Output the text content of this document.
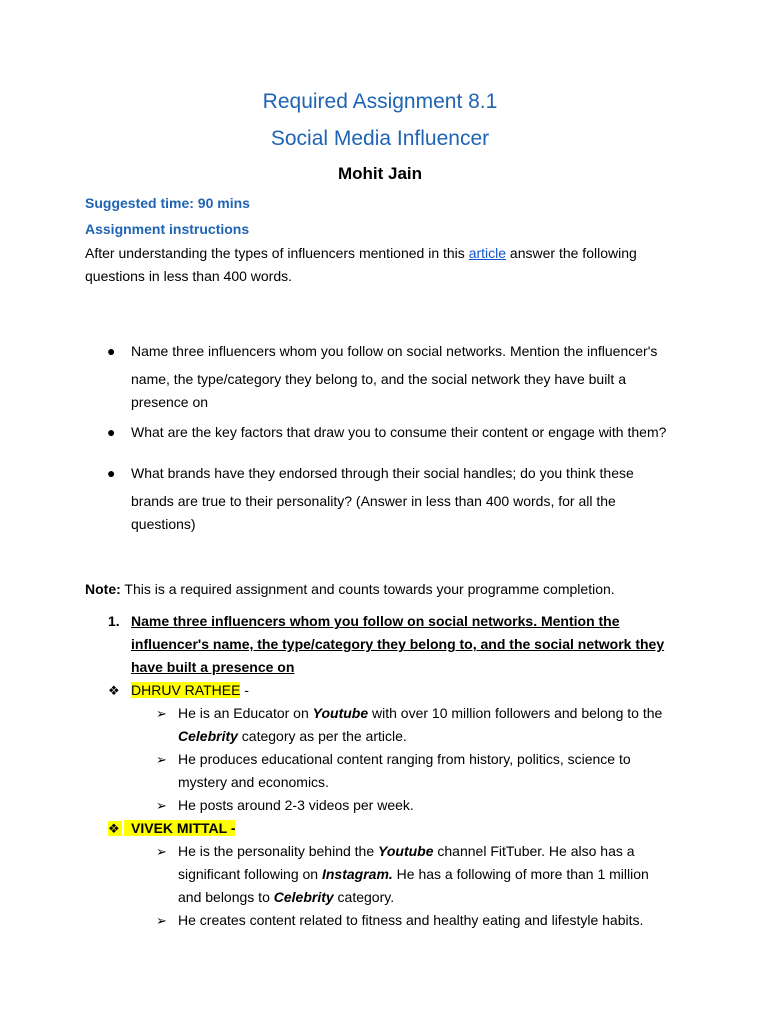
Required Assignment 8.1
Social Media Influencer
Mohit Jain
Suggested time: 90 mins
Assignment instructions
After understanding the types of influencers mentioned in this article answer the following
questions in less than 400 words.
● Name three influencers whom you follow on social networks. Mention the influencer's
name, the type/category they belong to, and the social network they have built a
presence on
● What are the key factors that draw you to consume their content or engage with them?
● What brands have they endorsed through their social handles; do you think these
brands are true to their personality? (Answer in less than 400 words, for all the
questions)
Note: This is a required assignment and counts towards your programme completion.
1. Name three influencers whom you follow on social networks. Mention the
influencer's name, the type/category they belong to, and the social network they
have built a presence on
❖ DHRUV RATHEE -
➢ He is an Educator on Youtube with over 10 million followers and belong to the
Celebrity category as per the article.
➢ He produces educational content ranging from history, politics, science to
mystery and economics.
➢ He posts around 2-3 videos per week.
❖ VIVEK MITTAL -
➢ He is the personality behind the Youtube channel FitTuber. He also has a
significant following on Instagram. He has a following of more than 1 million
and belongs to Celebrity category.
➢ He creates content related to fitness and healthy eating and lifestyle habits.
